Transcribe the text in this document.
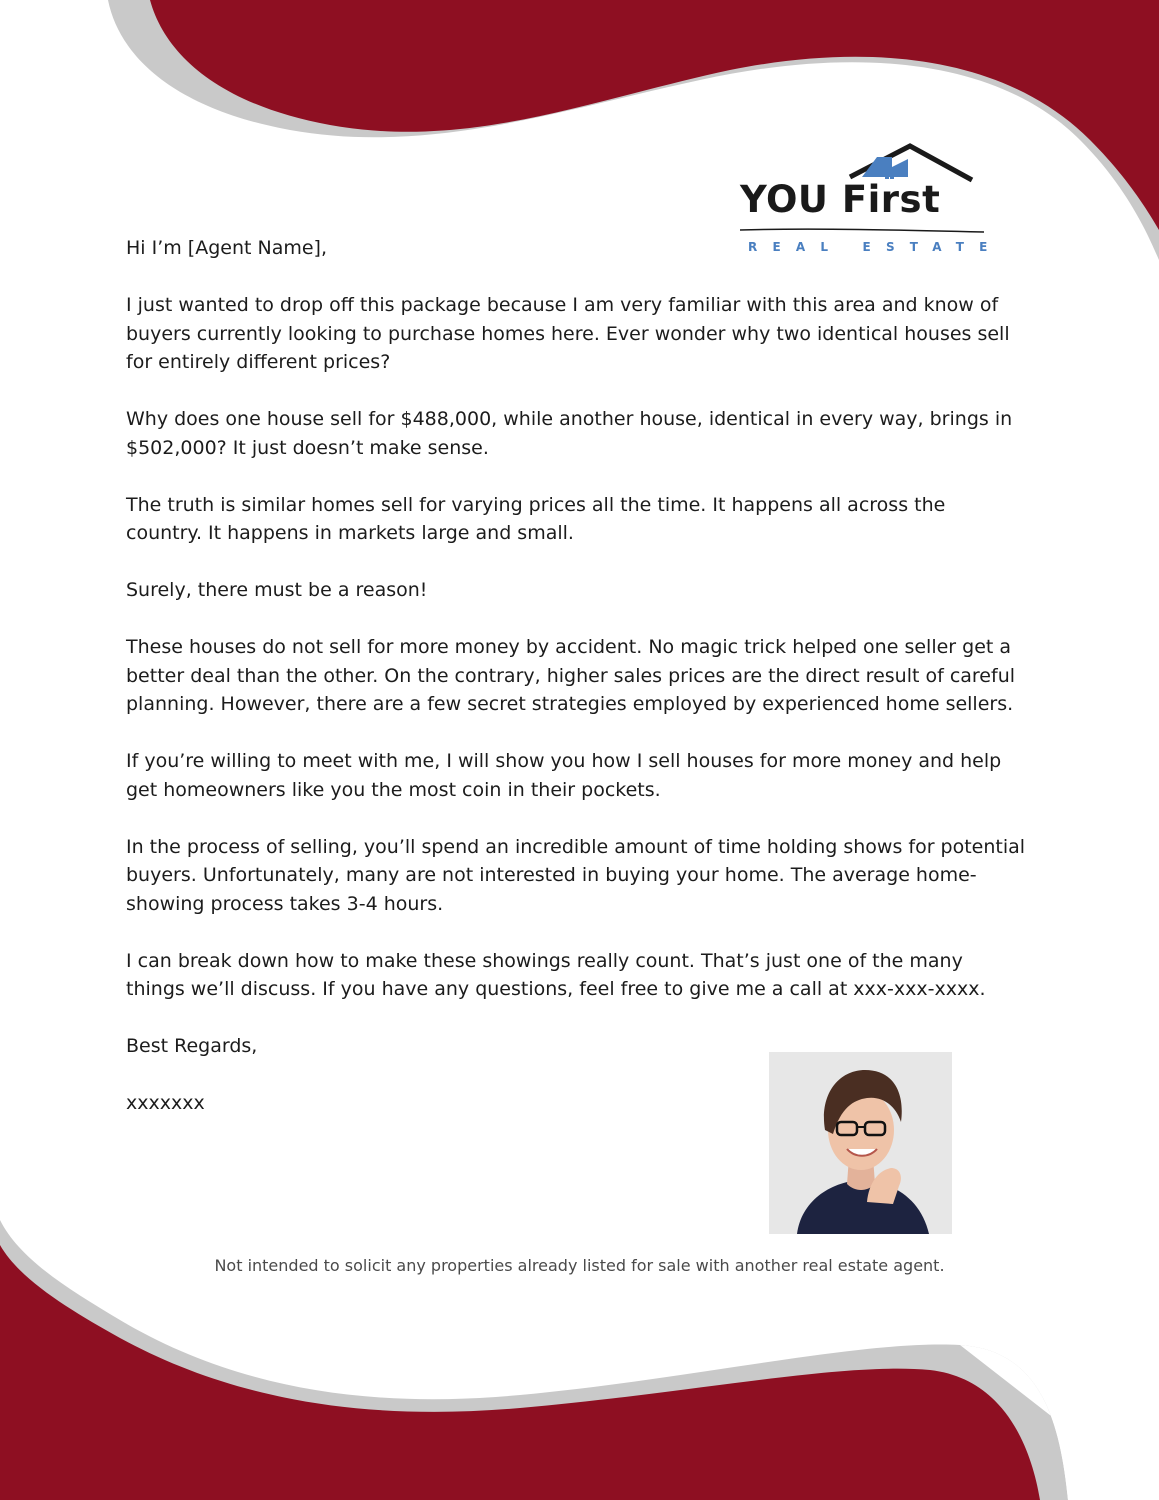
YOU First
REAL ESTATE

Hi I’m [Agent Name],

I just wanted to drop off this package because I am very familiar with this area and know of buyers currently looking to purchase homes here. Ever wonder why two identical houses sell for entirely different prices?

Why does one house sell for $488,000, while another house, identical in every way, brings in $502,000? It just doesn’t make sense.

The truth is similar homes sell for varying prices all the time. It happens all across the country. It happens in markets large and small.

Surely, there must be a reason!

These houses do not sell for more money by accident. No magic trick helped one seller get a better deal than the other. On the contrary, higher sales prices are the direct result of careful planning. However, there are a few secret strategies employed by experienced home sellers.

If you’re willing to meet with me, I will show you how I sell houses for more money and help get homeowners like you the most coin in their pockets.

In the process of selling, you’ll spend an incredible amount of time holding shows for potential buyers. Unfortunately, many are not interested in buying your home. The average home-showing process takes 3-4 hours.

I can break down how to make these showings really count. That’s just one of the many things we’ll discuss. If you have any questions, feel free to give me a call at xxx-xxx-xxxx.

Best Regards,

xxxxxxx

Not intended to solicit any properties already listed for sale with another real estate agent.
